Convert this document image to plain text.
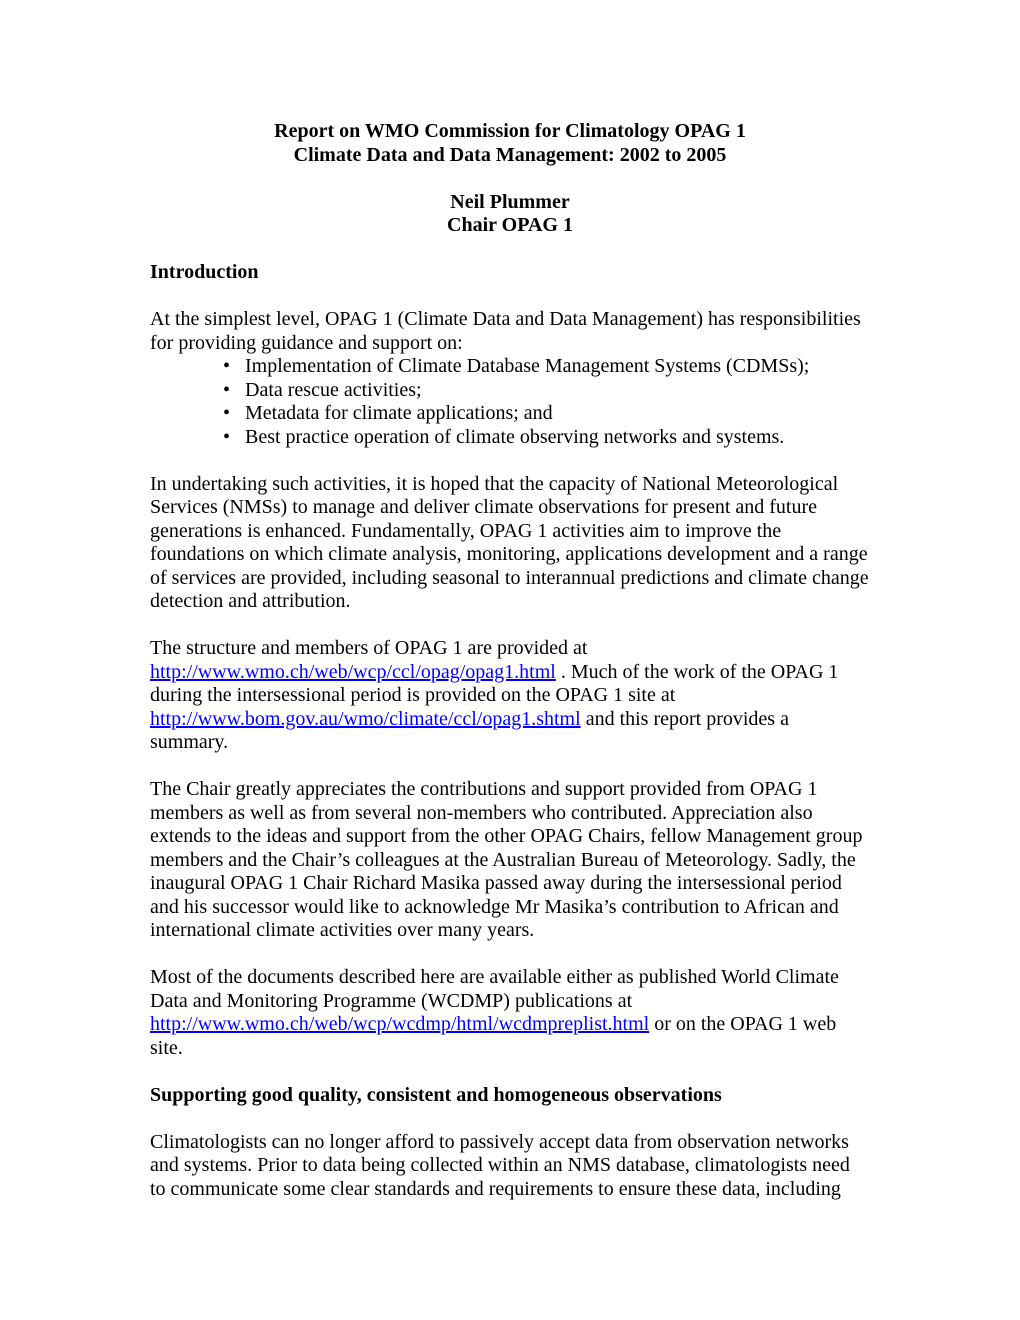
Report on WMO Commission for Climatology OPAG 1
Climate Data and Data Management: 2002 to 2005
Neil Plummer
Chair OPAG 1
Introduction

At the simplest level, OPAG 1 (Climate Data and Data Management) has responsibilities for providing guidance and support on:

• Implementation of Climate Database Management Systems (CDMSs);
• Data rescue activities;
• Metadata for climate applications; and
• Best practice operation of climate observing networks and systems.

In undertaking such activities, it is hoped that the capacity of National Meteorological Services (NMSs) to manage and deliver climate observations for present and future generations is enhanced. Fundamentally, OPAG 1 activities aim to improve the foundations on which climate analysis, monitoring, applications development and a range of services are provided, including seasonal to interannual predictions and climate change detection and attribution.

The structure and members of OPAG 1 are provided at http://www.wmo.ch/web/wcp/ccl/opag/opag1.html . Much of the work of the OPAG 1 during the intersessional period is provided on the OPAG 1 site at http://www.bom.gov.au/wmo/climate/ccl/opag1.shtml and this report provides a summary.

The Chair greatly appreciates the contributions and support provided from OPAG 1 members as well as from several non-members who contributed. Appreciation also extends to the ideas and support from the other OPAG Chairs, fellow Management group members and the Chair’s colleagues at the Australian Bureau of Meteorology. Sadly, the inaugural OPAG 1 Chair Richard Masika passed away during the intersessional period and his successor would like to acknowledge Mr Masika’s contribution to African and international climate activities over many years.

Most of the documents described here are available either as published World Climate Data and Monitoring Programme (WCDMP) publications at http://www.wmo.ch/web/wcp/wcdmp/html/wcdmpreplist.html or on the OPAG 1 web site.

Supporting good quality, consistent and homogeneous observations

Climatologists can no longer afford to passively accept data from observation networks and systems. Prior to data being collected within an NMS database, climatologists need to communicate some clear standards and requirements to ensure these data, including
